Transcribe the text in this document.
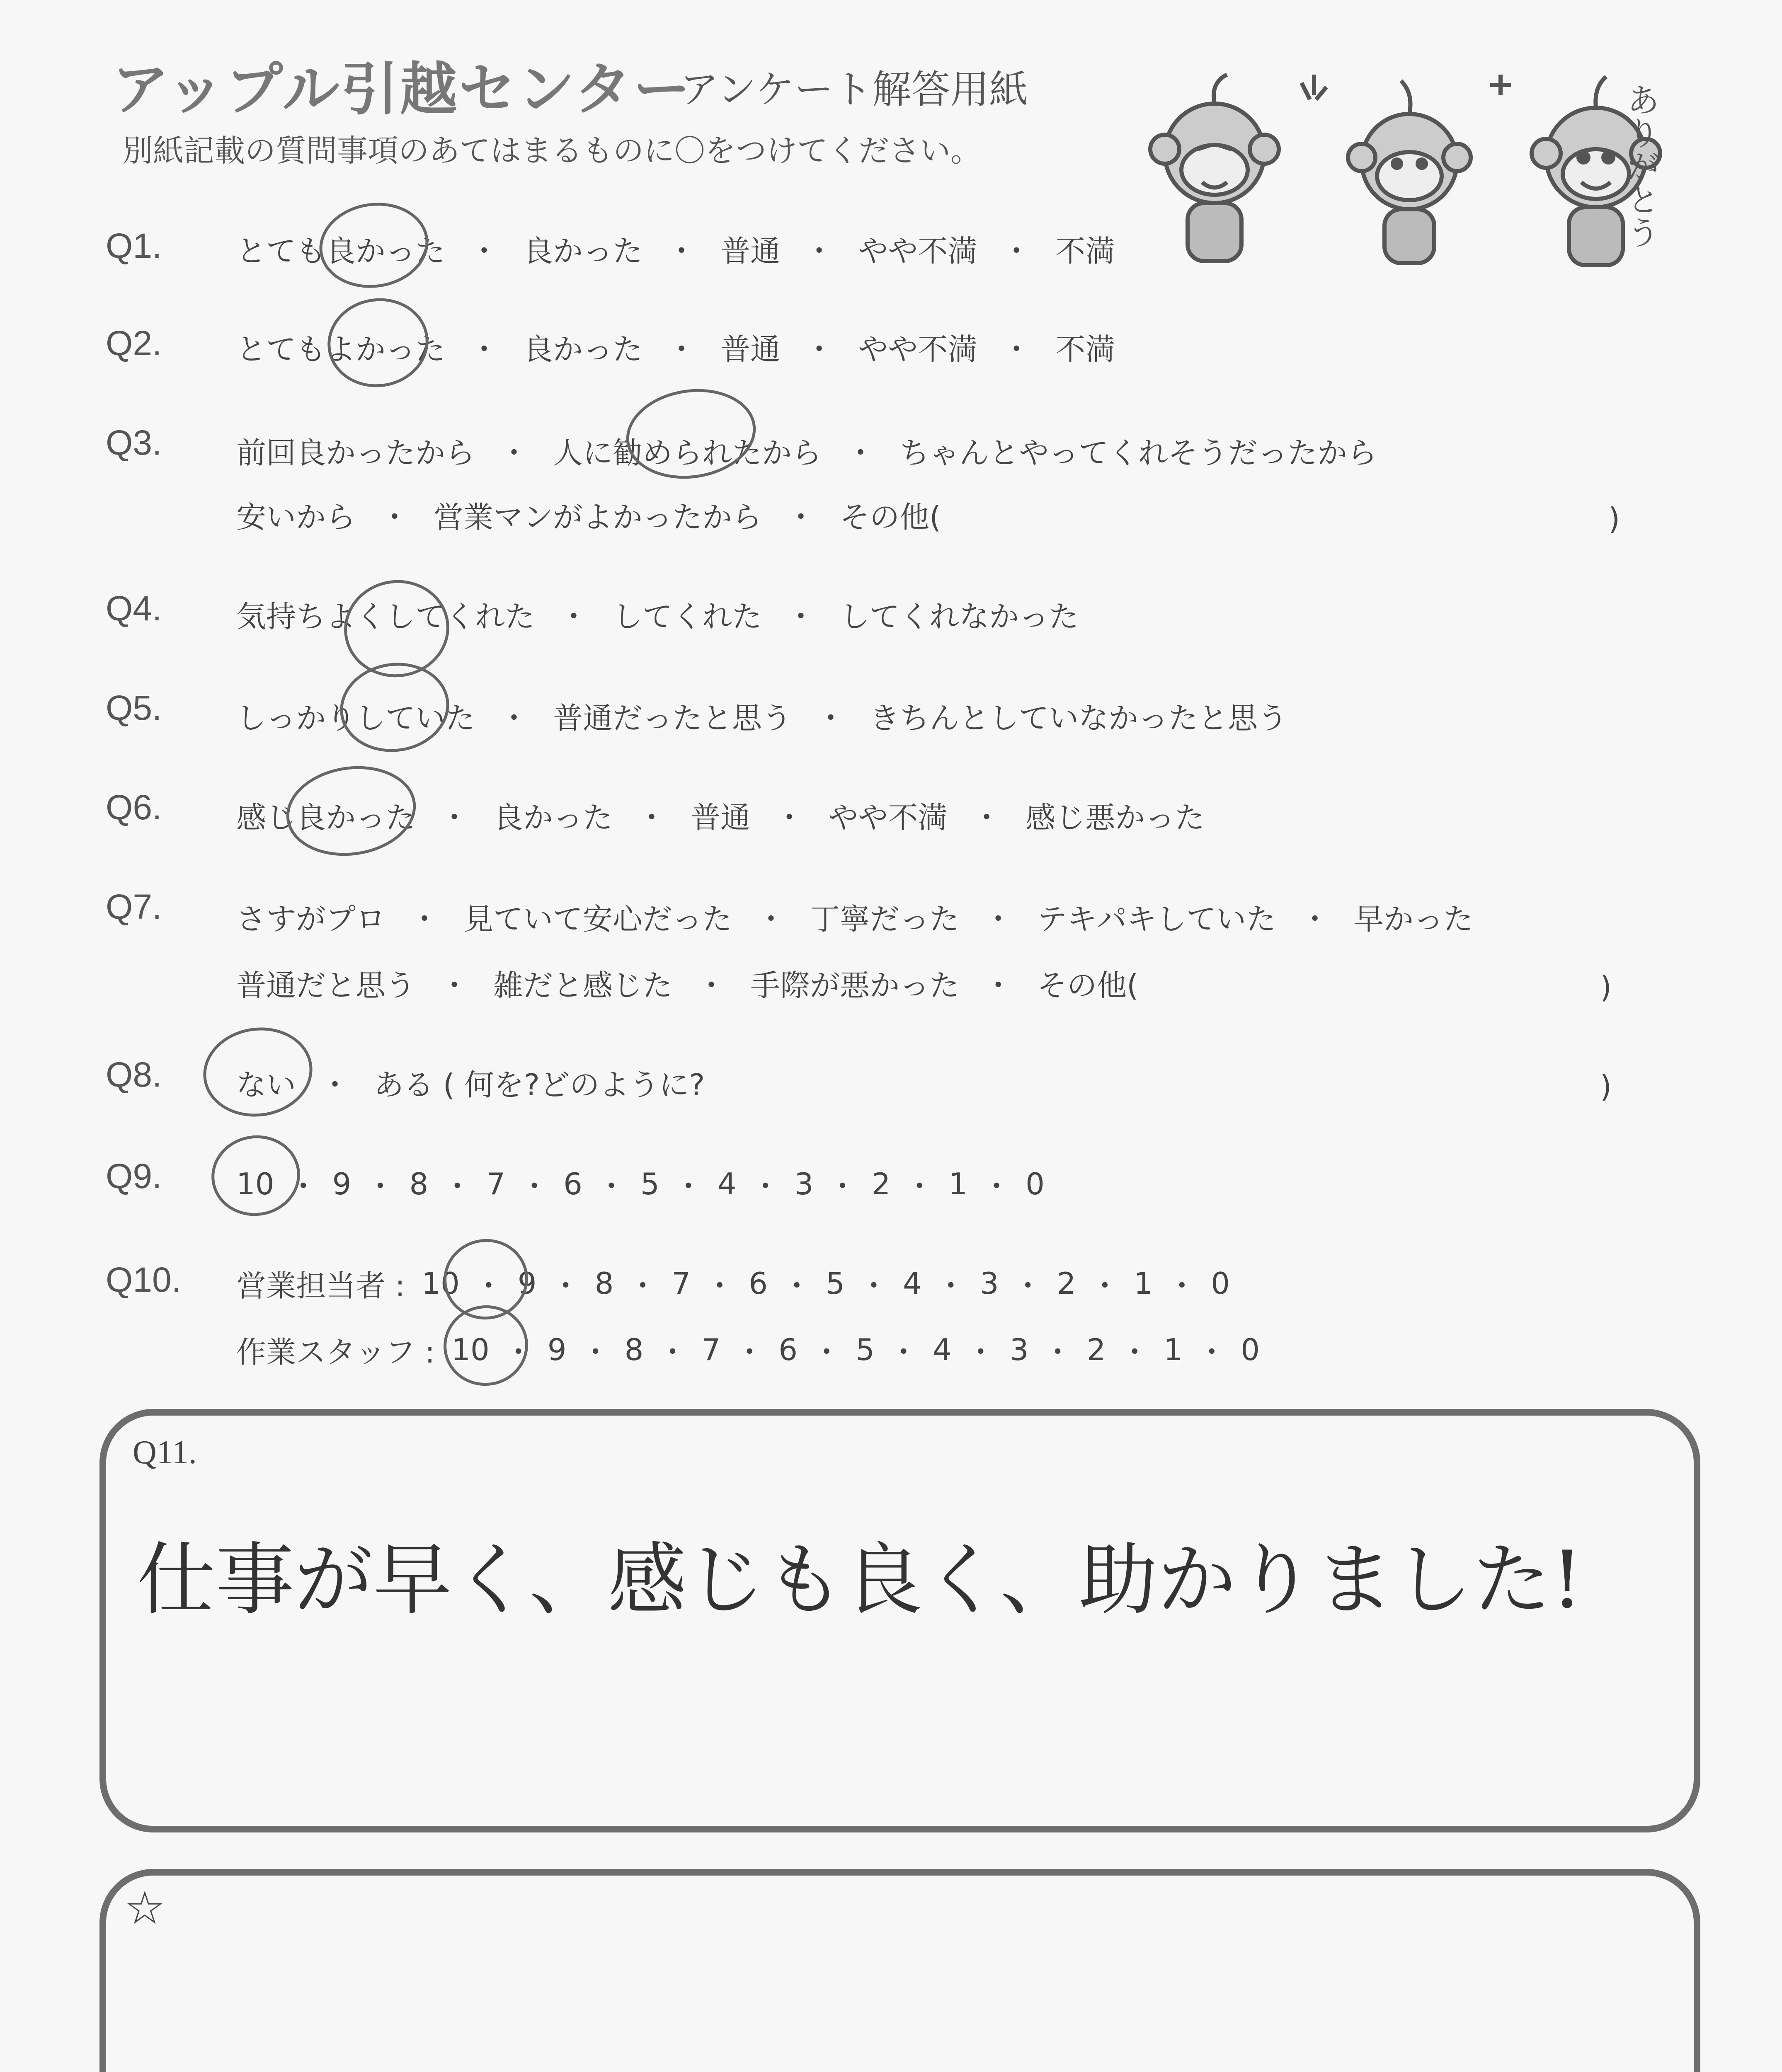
アップル引越センター
アンケート解答用紙
別紙記載の質問事項のあてはまるものに〇をつけてください。	ありがとう
Q1. とても良かった ・ 良かった ・ 普通 ・ やや不満 ・ 不満
Q2. とてもよかった ・ 良かった ・ 普通 ・ やや不満 ・ 不満
Q3. 前回良かったから ・ 人に勧められたから ・ ちゃんとやってくれそうだったから
安いから ・ 営業マンがよかったから ・ その他(	)
Q4. 気持ちよくしてくれた ・ してくれた ・ してくれなかった
Q5. しっかりしていた ・ 普通だったと思う ・ きちんとしていなかったと思う
Q6. 感じ良かった ・ 良かった ・ 普通 ・ やや不満 ・ 感じ悪かった
Q7. さすがプロ ・ 見ていて安心だった ・ 丁寧だった ・ テキパキしていた ・ 早かった
普通だと思う ・ 雑だと感じた ・ 手際が悪かった ・ その他(	)
Q8. ない ・ ある ( 何を?どのように?	)
Q9. 10 ・ 9 ・ 8 ・ 7 ・ 6 ・ 5 ・ 4 ・ 3 ・ 2 ・ 1 ・ 0
Q10. 営業担当者 : 10 ・ 9 ・ 8 ・ 7 ・ 6 ・ 5 ・ 4 ・ 3 ・ 2 ・ 1 ・ 0
作業スタッフ : 10 ・ 9 ・ 8 ・ 7 ・ 6 ・ 5 ・ 4 ・ 3 ・ 2 ・ 1 ・ 0
Q11.
仕事が早く、感じも良く、助かりました!
☆
